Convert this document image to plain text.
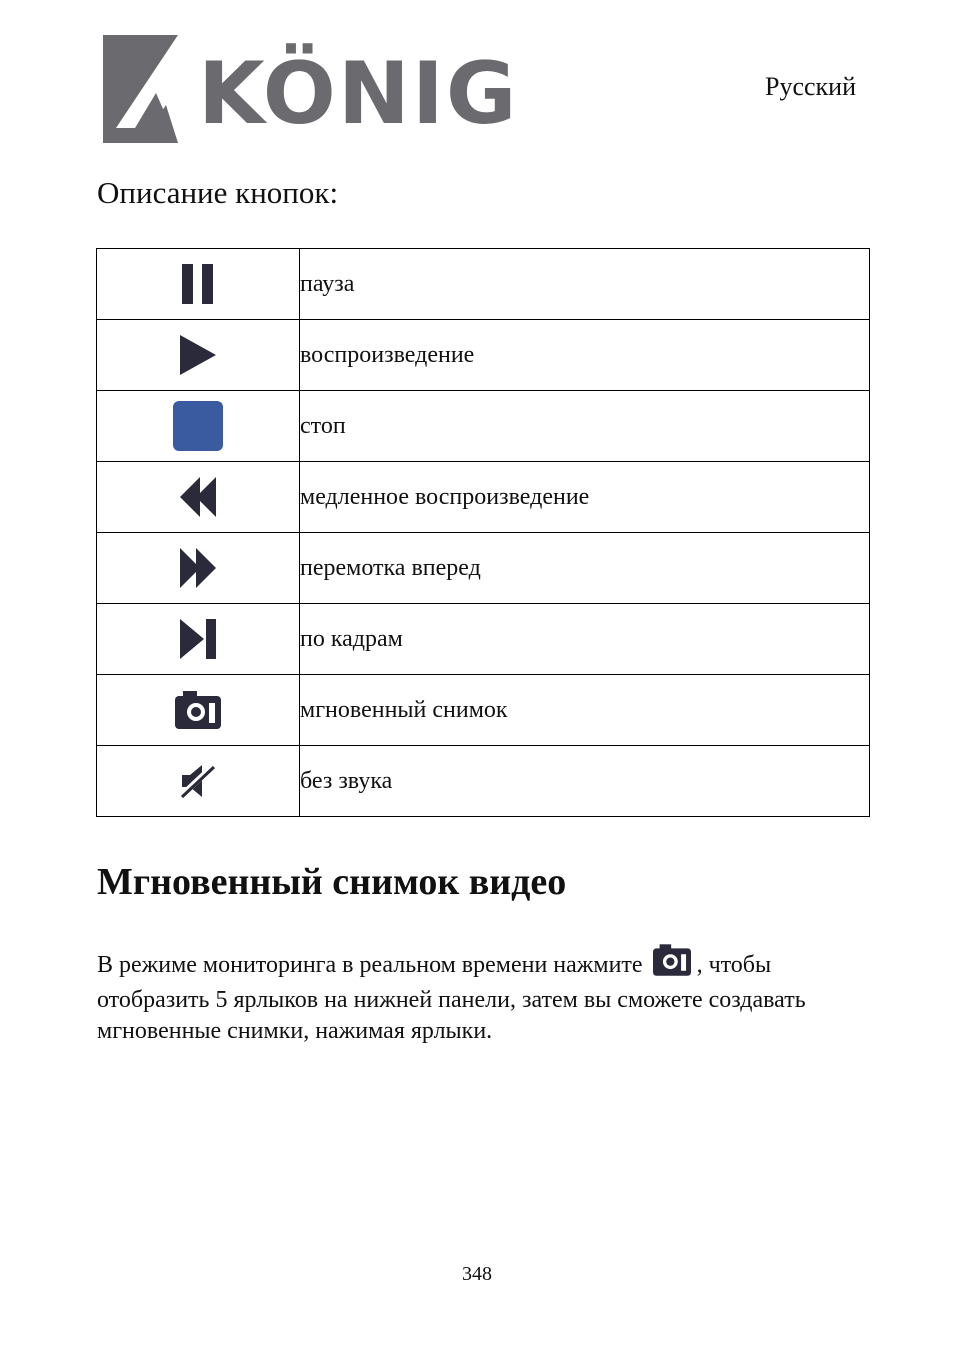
KÖNIG	Русский
Описание кнопок:
	пауза

	воспроизведение

	стоп

	медленное воспроизведение

	перемотка вперед

	по кадрам

	мгновенный снимок

	без звука
Мгновенный снимок видео

В режиме мониторинга в реальном времени нажмите , чтобы отобразить 5 ярлыков на нижней панели, затем вы сможете создавать мгновенные снимки, нажимая ярлыки.

348
